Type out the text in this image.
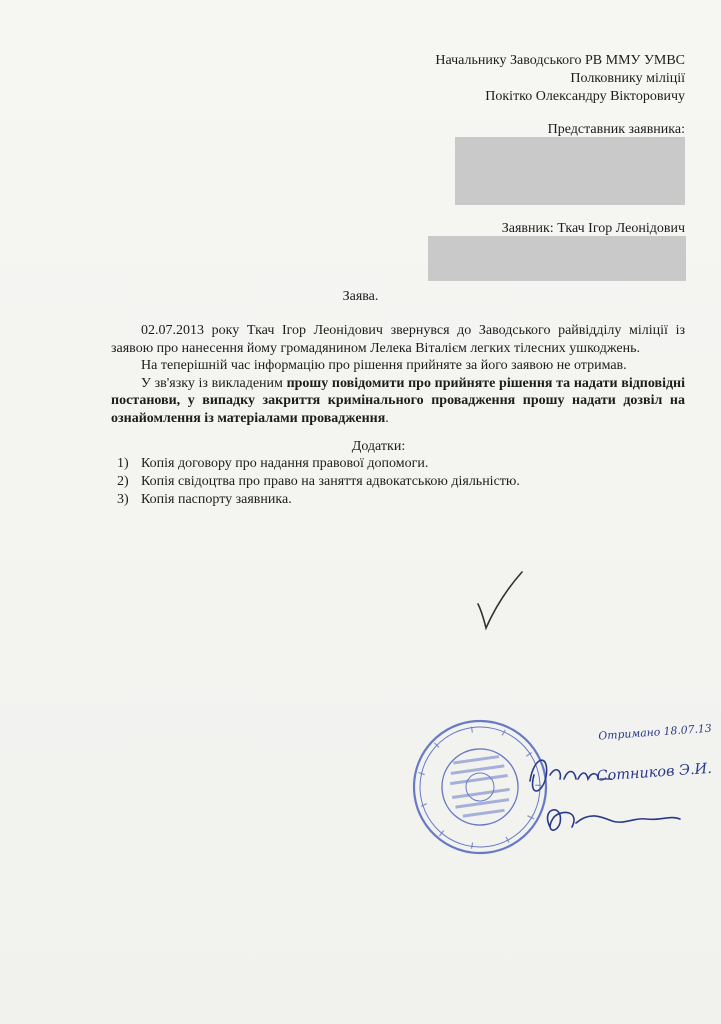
Начальнику Заводського РВ ММУ УМВС
Полковнику міліції
Покітко Олександру Вікторовичу
Представник заявника:
Заявник: Ткач Ігор Леонідович
Заява.

02.07.2013 року Ткач Ігор Леонідович звернувся до Заводського райвідділу міліції із заявою про нанесення йому громадянином Лелека Віталієм легких тілесних ушкоджень.

На теперішній час інформацію про рішення прийняте за його заявою не отримав.

У зв'язку із викладеним прошу повідомити про прийняте рішення та надати відповідні постанови, у випадку закриття кримінального провадження прошу надати дозвіл на ознайомлення із матеріалами провадження.

Додатки:
1) Копія договору про надання правової допомоги.
2) Копія свідоцтва про право на заняття адвокатською діяльністю.
3) Копія паспорту заявника.
Отримано 18.07.13
Сотников Э.И.
